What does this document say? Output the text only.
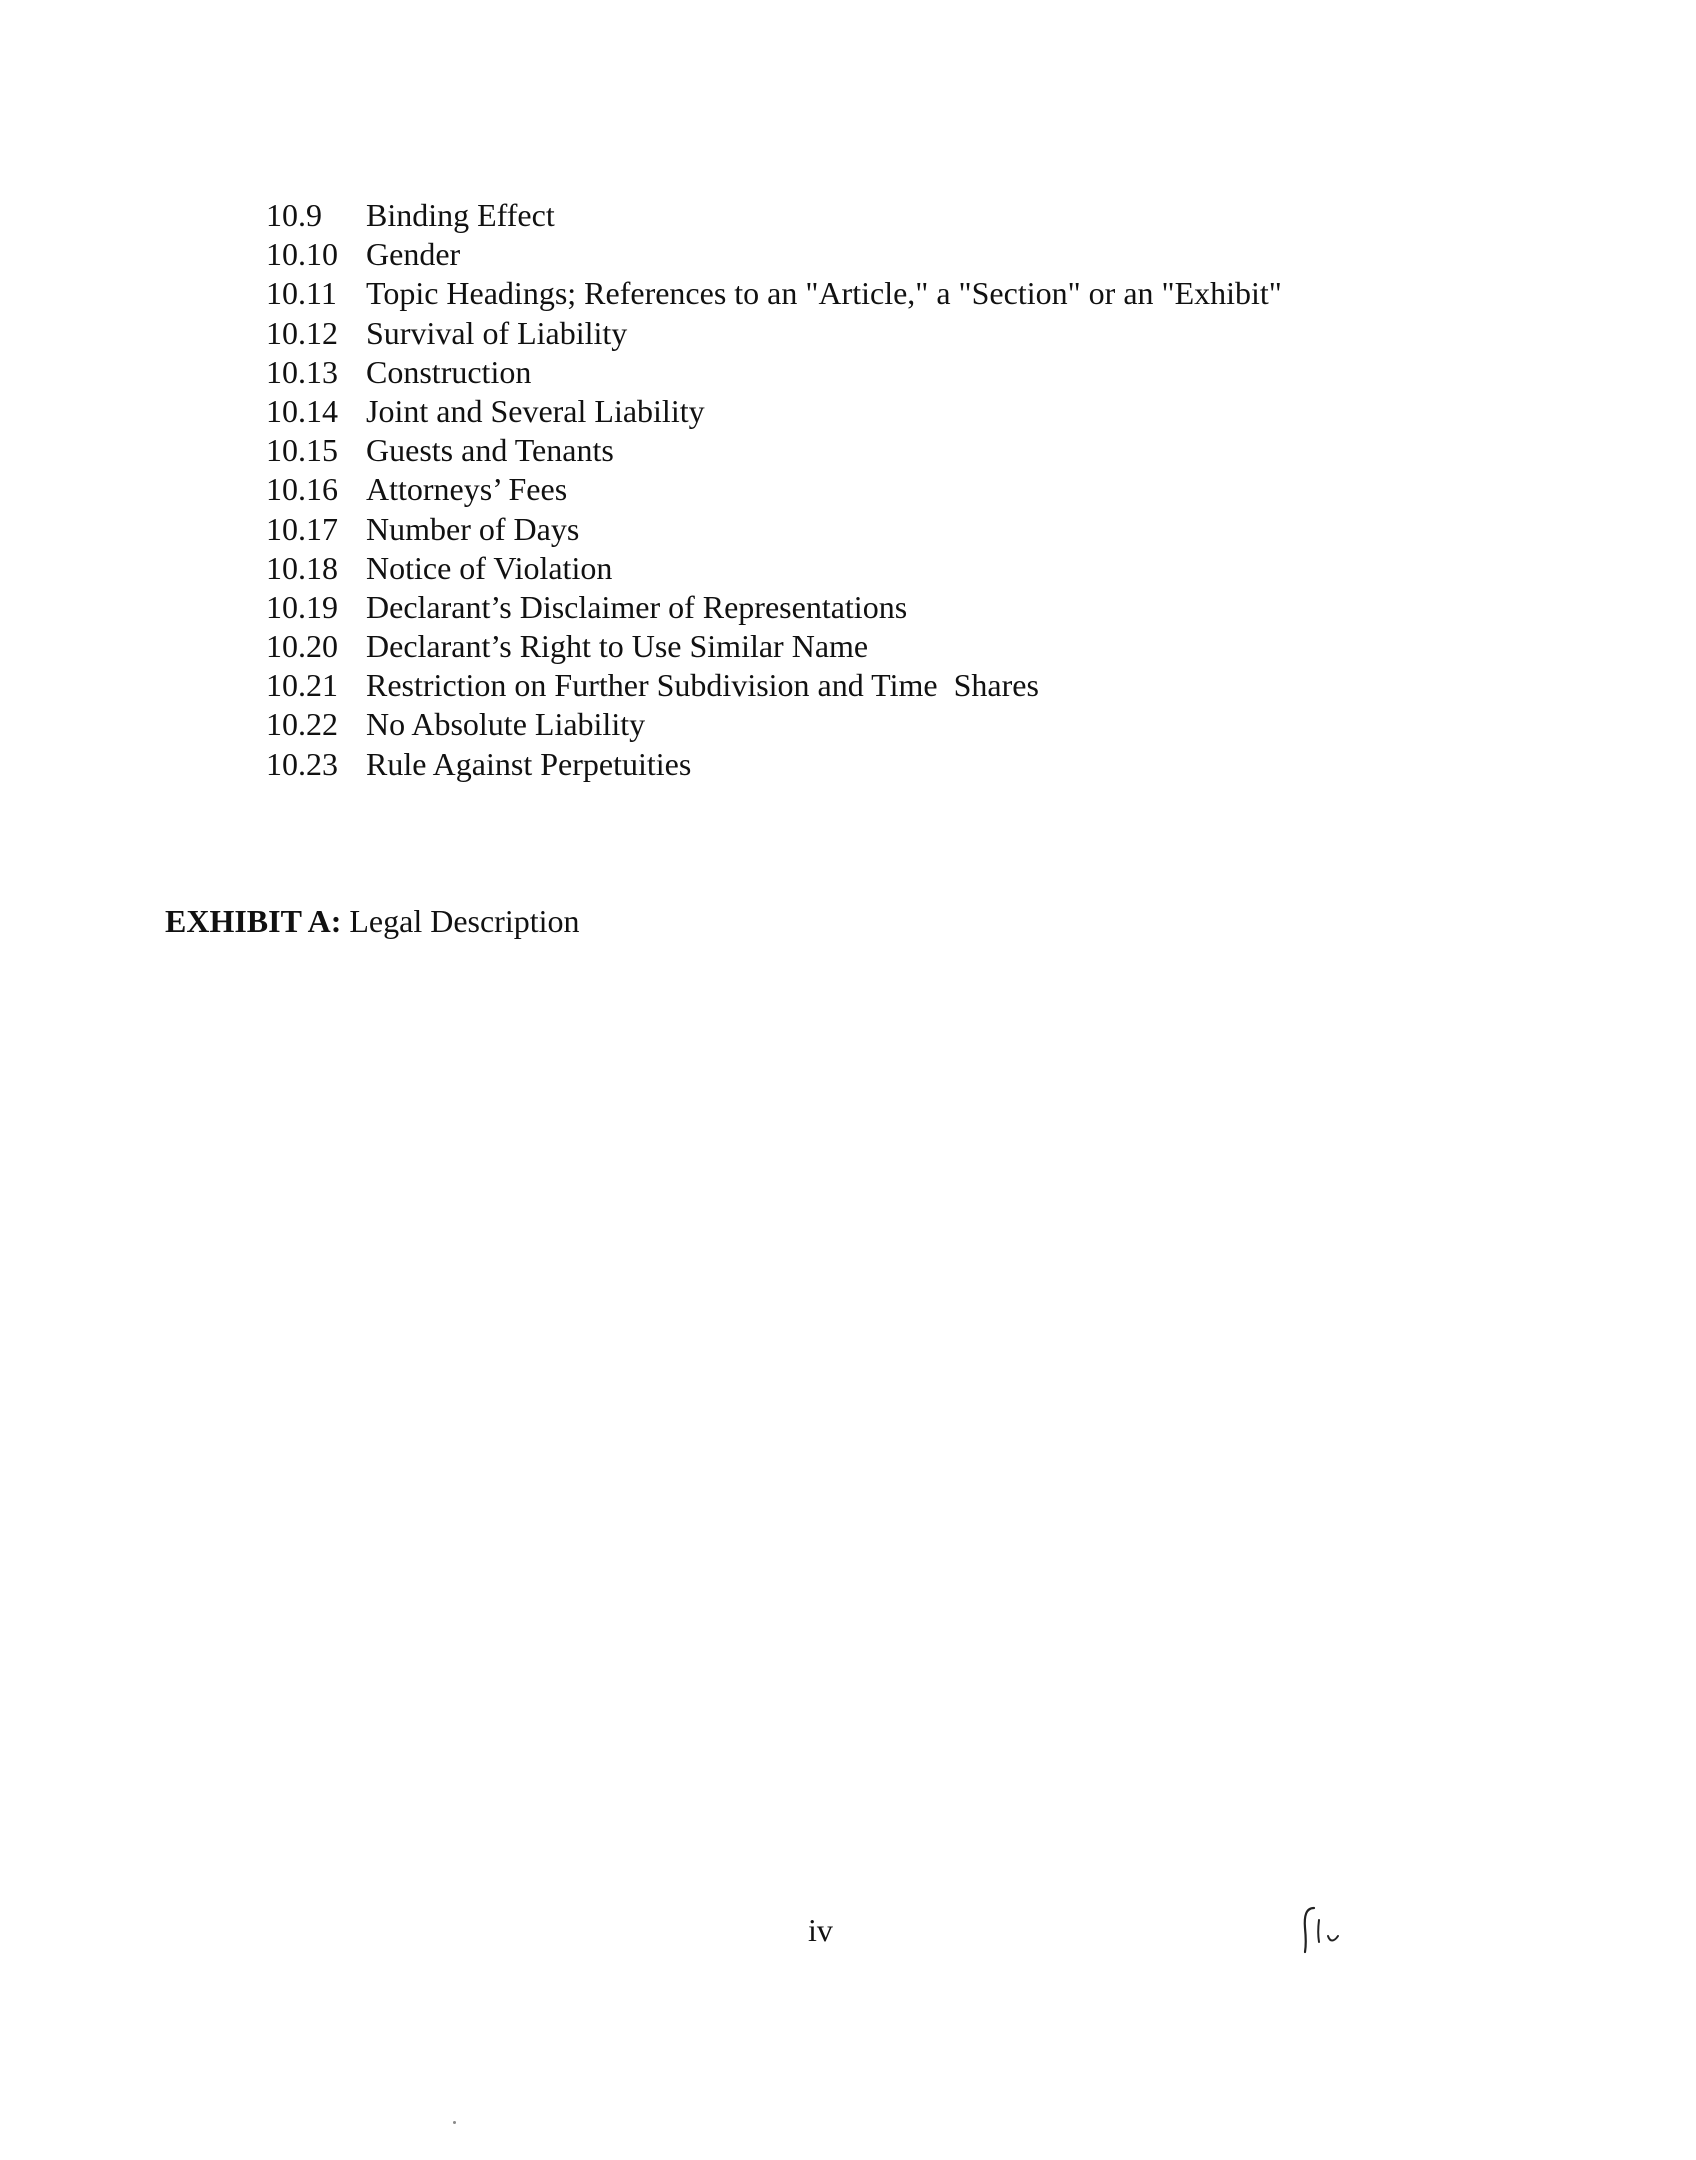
10.9	Binding Effect
10.10 Gender
10.11 Topic Headings; References to an "Article," a "Section" or an "Exhibit"
10.12 Survival of Liability
10.13 Construction
10.14 Joint and Several Liability
10.15 Guests and Tenants
10.16 Attorneys’ Fees
10.17 Number of Days
10.18 Notice of Violation
10.19 Declarant’s Disclaimer of Representations
10.20 Declarant’s Right to Use Similar Name
10.21 Restriction on Further Subdivision and Time  Shares
10.22 No Absolute Liability
10.23 Rule Against Perpetuities
EXHIBIT A: Legal Description
iv
